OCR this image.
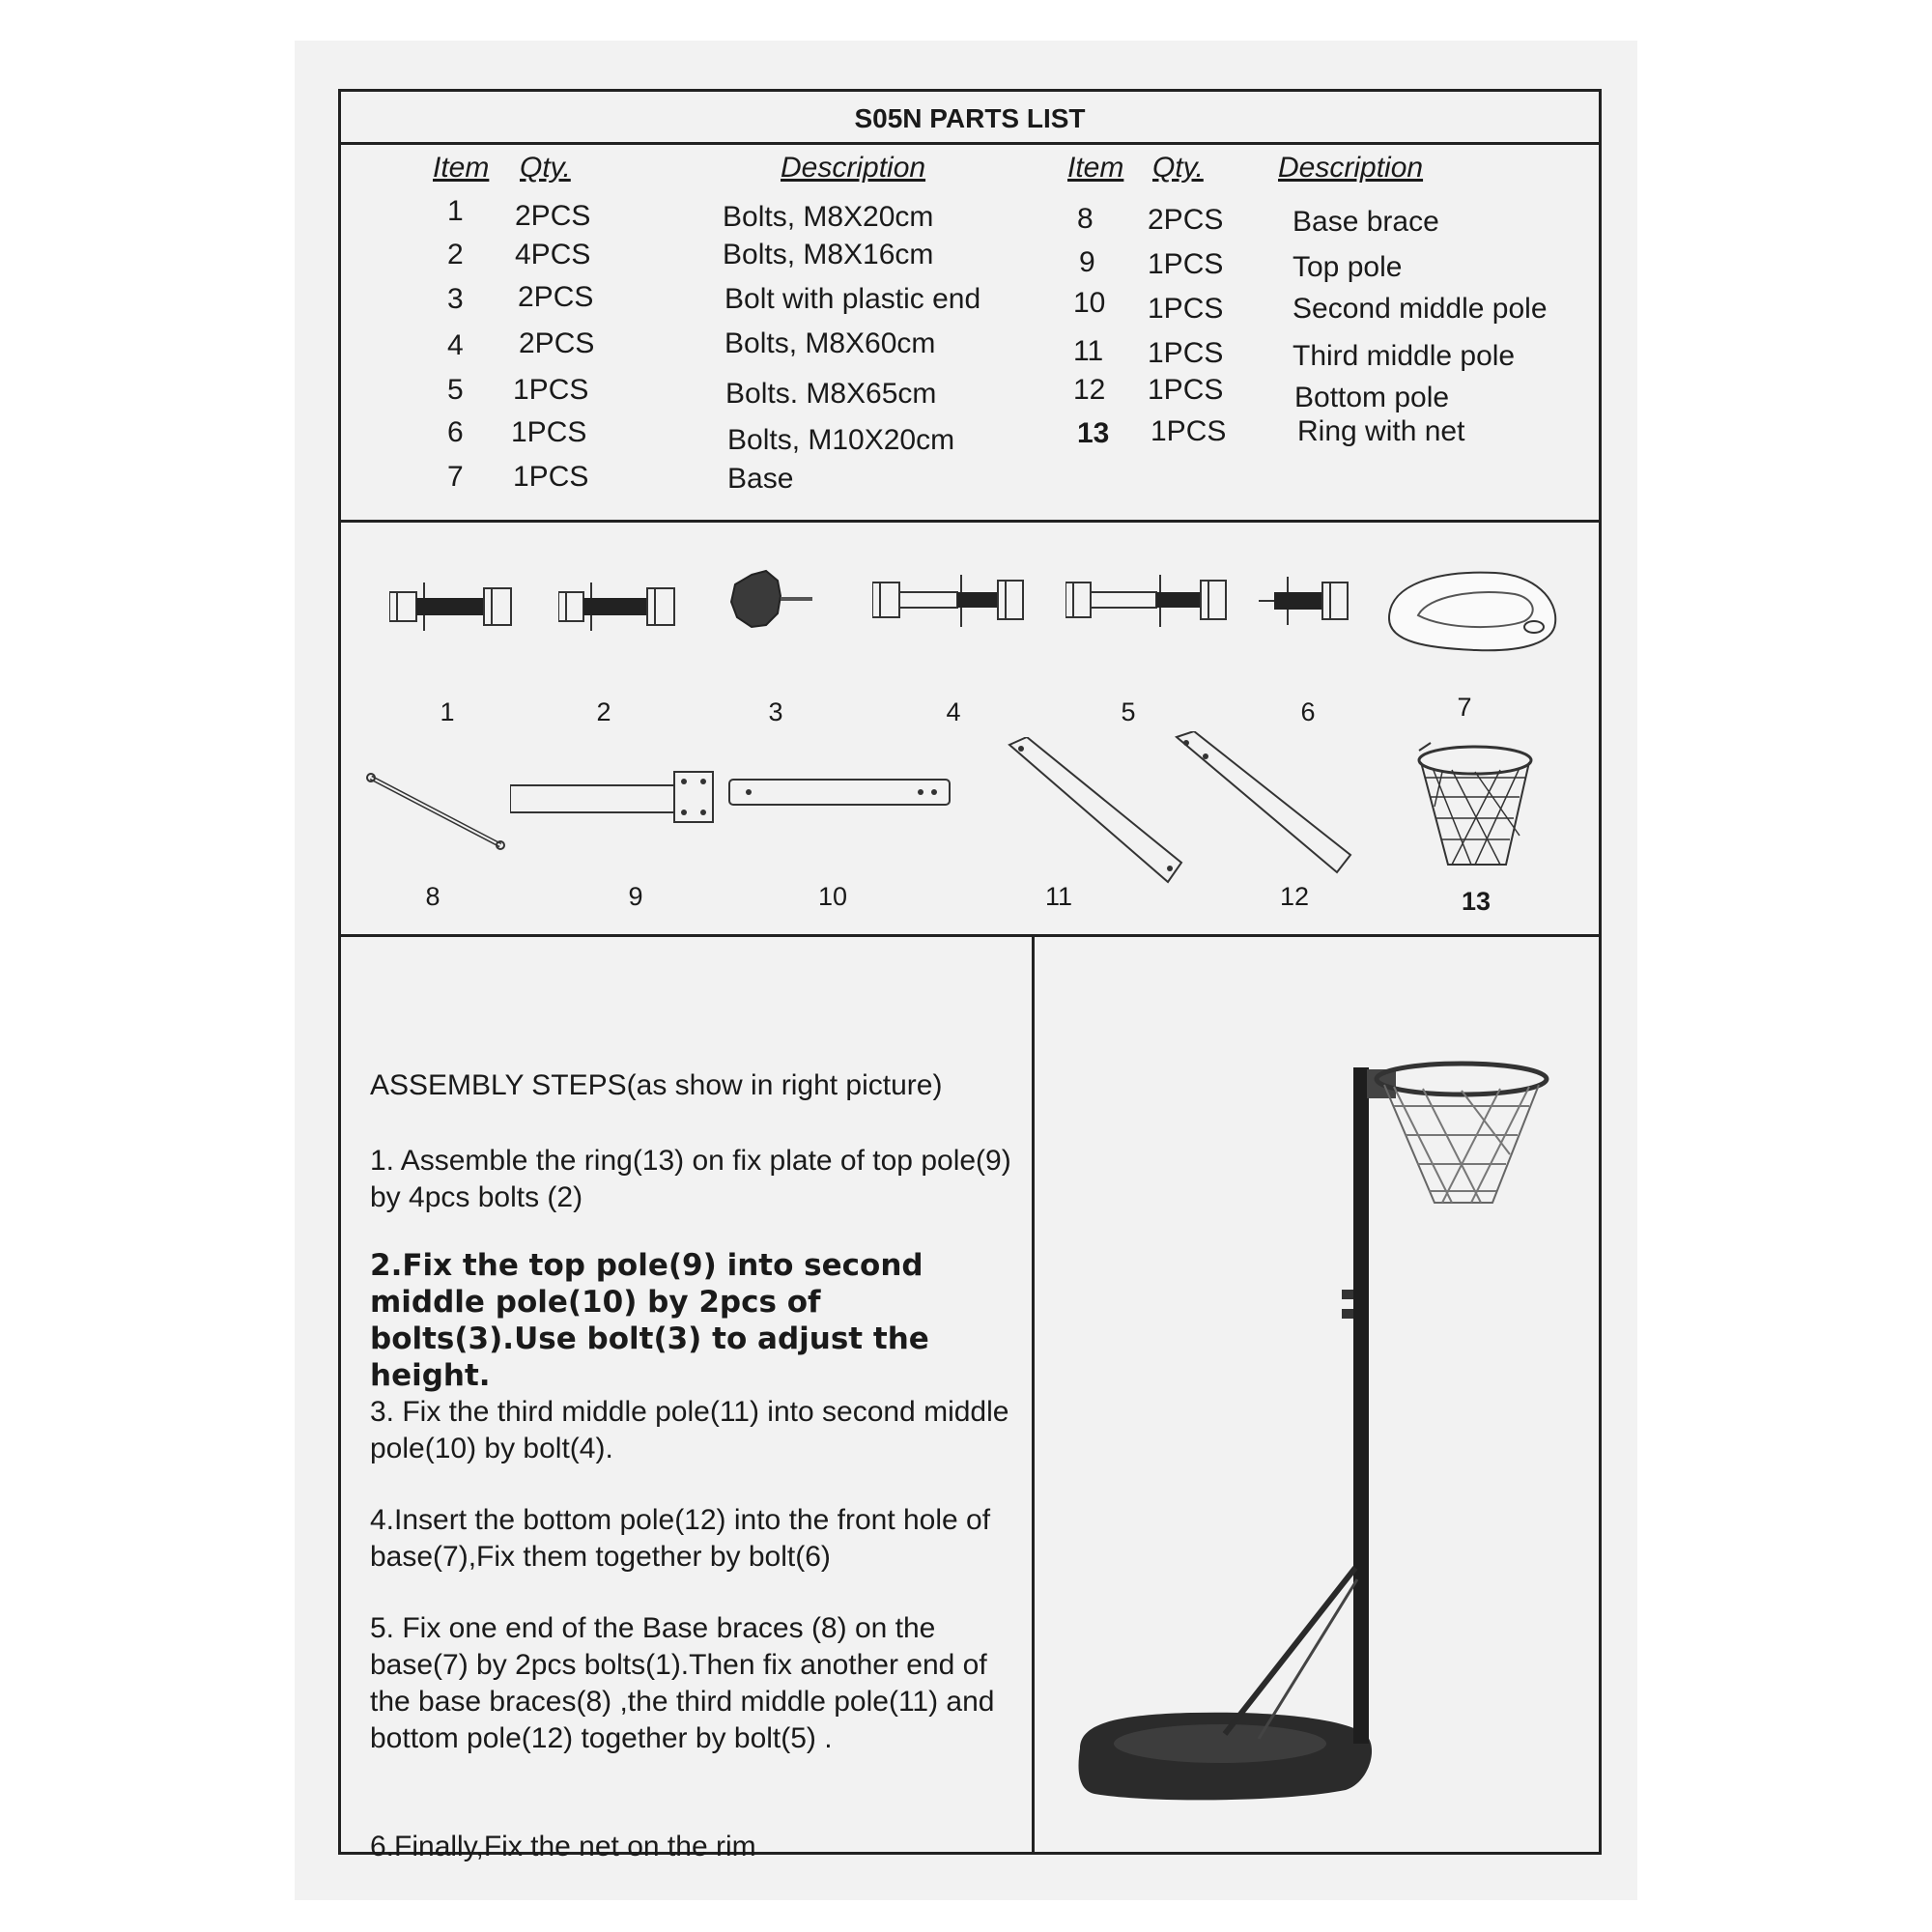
S05N PARTS LIST
Item Qty.	Description	Item Qty.	Description
1 2PCS	Bolts, M8X20cm
2 4PCS	Bolts, M8X16cm
3 2PCS	Bolt with plastic end
4 2PCS	Bolts, M8X60cm
5 1PCS	Bolts. M8X65cm
6 1PCS	Bolts, M10X20cm
7 1PCS	Base
8 2PCS Base brace
9 1PCS Top pole
10 1PCS Second middle pole
11 1PCS Third middle pole
12 1PCS Bottom pole
13 1PCS Ring with net
1	2	3	4	5	6	7
8	9	10	11	12	13
ASSEMBLY STEPS(as show in right picture)
1. Assemble the ring(13) on fix plate of top pole(9) by 4pcs bolts (2)
2.Fix the top pole(9) into second middle pole(10) by 2pcs of bolts(3).Use bolt(3) to adjust the height.
3. Fix the third middle pole(11) into second middle pole(10) by bolt(4).
4.Insert the bottom pole(12) into the front hole of base(7),Fix them together by bolt(6)
5. Fix one end of the Base braces (8) on the base(7) by 2pcs bolts(1).Then fix another end of the base braces(8) ,the third middle pole(11) and bottom pole(12) together by bolt(5) .
6.Finally,Fix the net on the rim
